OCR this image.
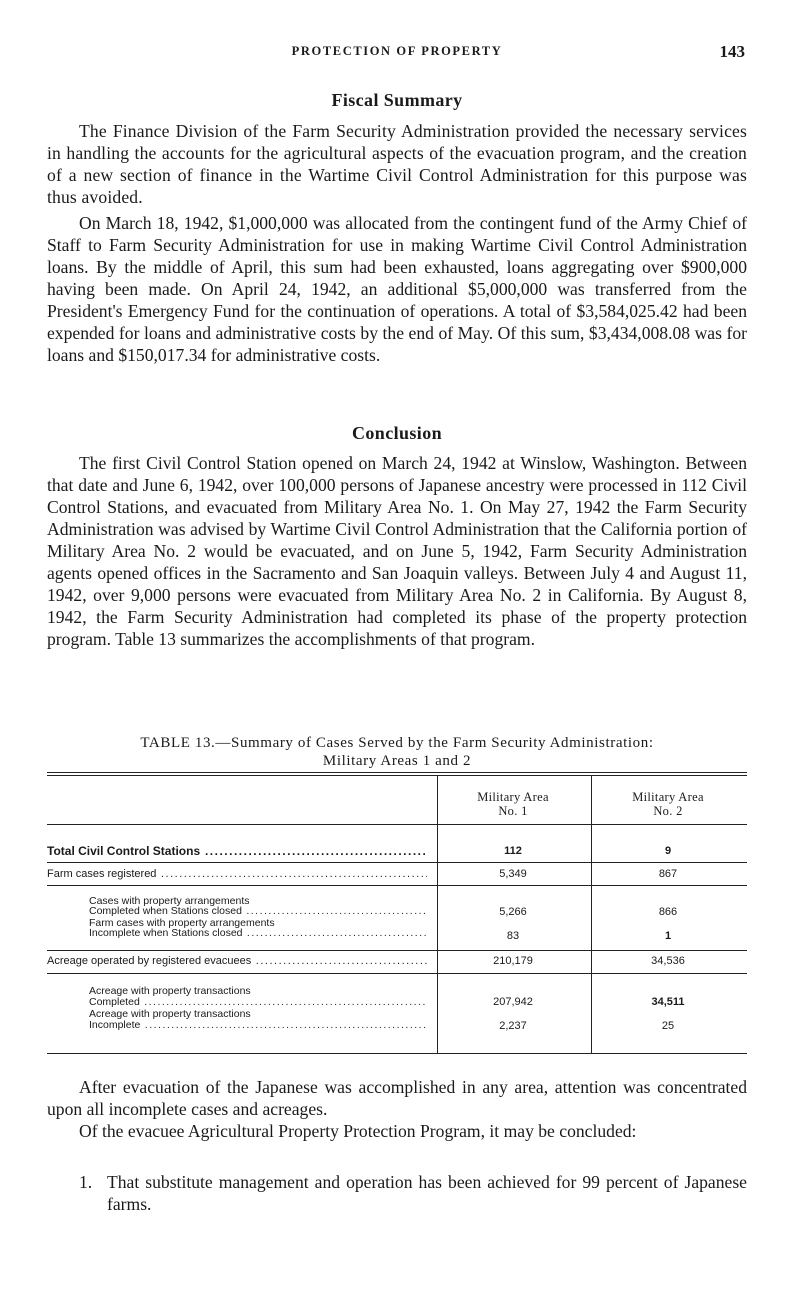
PROTECTION OF PROPERTY	143
Fiscal Summary

The Finance Division of the Farm Security Administration provided the necessary services in handling the accounts for the agricultural aspects of the evacuation program, and the creation of a new section of finance in the Wartime Civil Control Administration for this purpose was thus avoided.

On March 18, 1942, $1,000,000 was allocated from the contingent fund of the Army Chief of Staff to Farm Security Administration for use in making Wartime Civil Control Administration loans. By the middle of April, this sum had been exhausted, loans aggregating over $900,000 having been made. On April 24, 1942, an additional $5,000,000 was transferred from the President's Emergency Fund for the continuation of operations. A total of $3,584,025.42 had been expended for loans and administrative costs by the end of May. Of this sum, $3,434,008.08 was for loans and $150,017.34 for administrative costs.

Conclusion

The first Civil Control Station opened on March 24, 1942 at Winslow, Washington. Between that date and June 6, 1942, over 100,000 persons of Japanese ancestry were processed in 112 Civil Control Stations, and evacuated from Military Area No. 1. On May 27, 1942 the Farm Security Administration was advised by Wartime Civil Control Administration that the California portion of Military Area No. 2 would be evacuated, and on June 5, 1942, Farm Security Administration agents opened offices in the Sacramento and San Joaquin valleys. Between July 4 and August 11, 1942, over 9,000 persons were evacuated from Military Area No. 2 in California. By August 8, 1942, the Farm Security Administration had completed its phase of the property protection program. Table 13 summarizes the accomplishments of that program.

TABLE 13.—Summary of Cases Served by the Farm Security Administration:
Military Areas 1 and 2
Military Area
No. 1
Military Area
No. 2
Total Civil Control Stations .....	112	9
Farm cases registered .....	5,349	867
Cases with property arrangements
Completed when Stations closed .....	5,266	866
Farm cases with property arrangements
Incomplete when Stations closed .....	83	1
Acreage operated by registered evacuees .....	210,179	34,536
Acreage with property transactions
Completed .....	207,942	34,511
Acreage with property transactions
Incomplete .....	2,237	25

After evacuation of the Japanese was accomplished in any area, attention was concentrated upon all incomplete cases and acreages.

Of the evacuee Agricultural Property Protection Program, it may be concluded:

1. That substitute management and operation has been achieved for 99 percent of Japanese farms.
